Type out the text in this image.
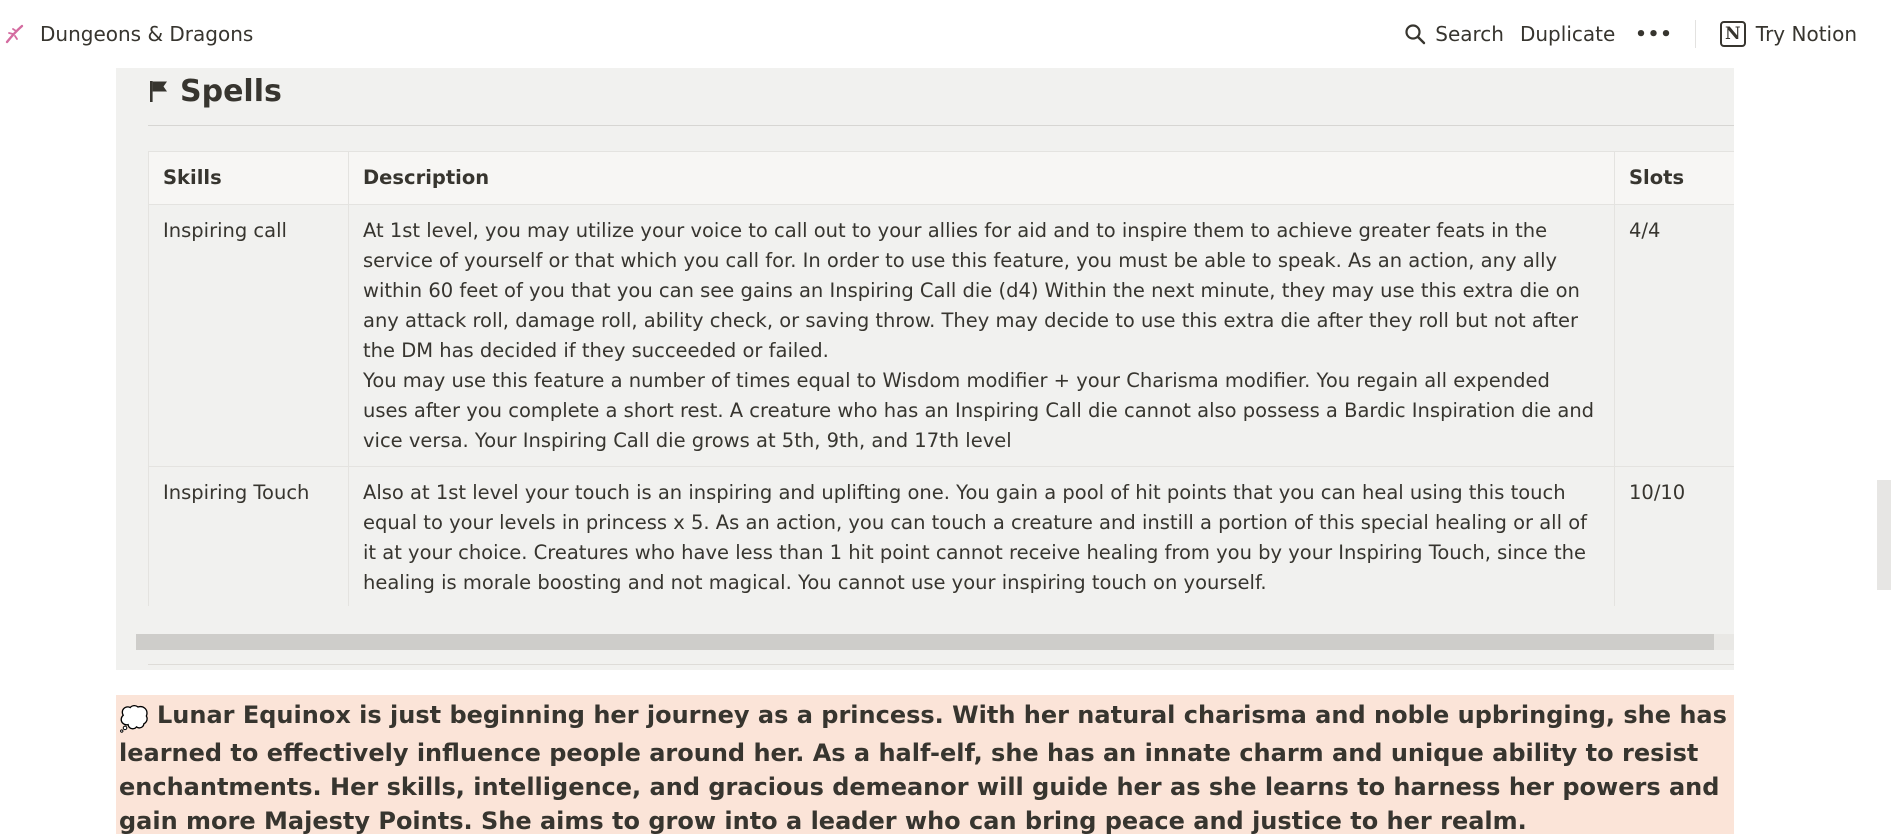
Dungeons & Dragons	Search Duplicate	•••	N Try Notion
Spells
Skills	Description	Slots
Inspiring call	At 1st level, you may utilize your voice to call out to your allies for aid and to inspire them to achieve greater feats in the service of yourself or that which you call for. In order to use this feature, you must be able to speak. As an action, any ally within 60 feet of you that you can see gains an Inspiring Call die (d4) Within the next minute, they may use this extra die on any attack roll, damage roll, ability check, or saving throw. They may decide to use this extra die after they roll but not after the DM has decided if they succeeded or failed.

You may use this feature a number of times equal to Wisdom modifier + your Charisma modifier. You regain all expended uses after you complete a short rest. A creature who has an Inspiring Call die cannot also possess a Bardic Inspiration die and vice versa. Your Inspiring Call die grows at 5th, 9th, and 17th level	4/4
Inspiring Touch	Also at 1st level your touch is an inspiring and uplifting one. You gain a pool of hit points that you can heal using this touch equal to your levels in princess x 5. As an action, you can touch a creature and instill a portion of this special healing or all of it at your choice. Creatures who have less than 1 hit point cannot receive healing from you by your Inspiring Touch, since the healing is morale boosting and not magical. You cannot use your inspiring touch on yourself.	10/10

💭 Lunar Equinox is just beginning her journey as a princess. With her natural charisma and noble upbringing, she has learned to effectively influence people around her. As a half-elf, she has an innate charm and unique ability to resist enchantments. Her skills, intelligence, and gracious demeanor will guide her as she learns to harness her powers and gain more Majesty Points. She aims to grow into a leader who can bring peace and justice to her realm.
